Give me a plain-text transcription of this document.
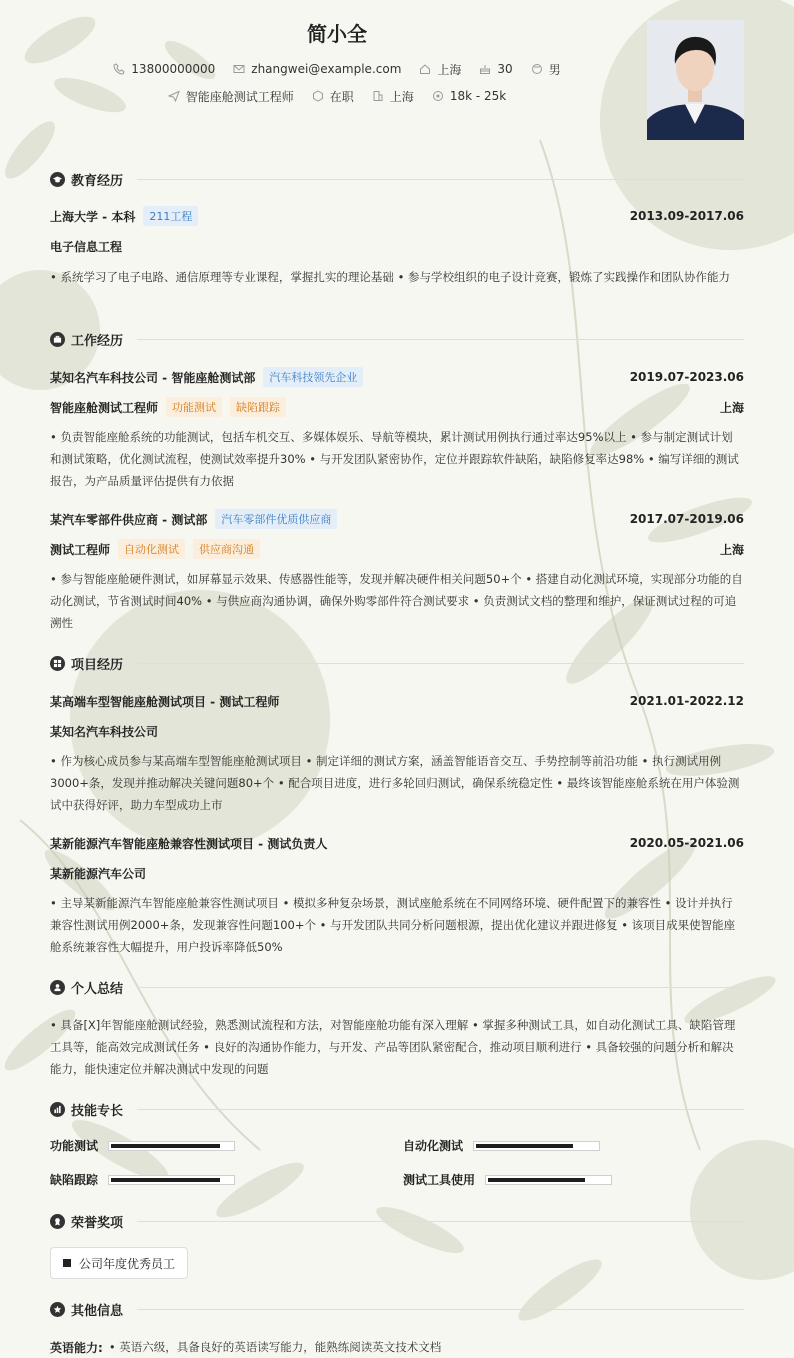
简小全
13800000000	zhangwei@example.com	上海	30	男
智能座舱测试工程师	在职	上海	18k - 25k
教育经历
上海大学 - 本科	211工程	2013.09-2017.06
电子信息工程
• 系统学习了电子电路、通信原理等专业课程，掌握扎实的理论基础 • 参与学校组织的电子设计竞赛，锻炼了实践操作和团队协作能力
工作经历
某知名汽车科技公司 - 智能座舱测试部	汽车科技领先企业	2019.07-2023.06
智能座舱测试工程师	功能测试	缺陷跟踪	上海
• 负责智能座舱系统的功能测试，包括车机交互、多媒体娱乐、导航等模块，累计测试用例执行通过率达95%以上 • 参与制定测试计划和测试策略，优化测试流程，使测试效率提升30% • 与开发团队紧密协作，定位并跟踪软件缺陷，缺陷修复率达98% • 编写详细的测试报告，为产品质量评估提供有力依据
某汽车零部件供应商 - 测试部	汽车零部件优质供应商	2017.07-2019.06
测试工程师	自动化测试	供应商沟通	上海
• 参与智能座舱硬件测试，如屏幕显示效果、传感器性能等，发现并解决硬件相关问题50+个 • 搭建自动化测试环境，实现部分功能的自动化测试，节省测试时间40% • 与供应商沟通协调，确保外购零部件符合测试要求 • 负责测试文档的整理和维护，保证测试过程的可追溯性
项目经历
某高端车型智能座舱测试项目 - 测试工程师	2021.01-2022.12
某知名汽车科技公司
• 作为核心成员参与某高端车型智能座舱测试项目 • 制定详细的测试方案，涵盖智能语音交互、手势控制等前沿功能 • 执行测试用例3000+条，发现并推动解决关键问题80+个 • 配合项目进度，进行多轮回归测试，确保系统稳定性 • 最终该智能座舱系统在用户体验测试中获得好评，助力车型成功上市
某新能源汽车智能座舱兼容性测试项目 - 测试负责人	2020.05-2021.06
某新能源汽车公司
• 主导某新能源汽车智能座舱兼容性测试项目 • 模拟多种复杂场景，测试座舱系统在不同网络环境、硬件配置下的兼容性 • 设计并执行兼容性测试用例2000+条，发现兼容性问题100+个 • 与开发团队共同分析问题根源，提出优化建议并跟进修复 • 该项目成果使智能座舱系统兼容性大幅提升，用户投诉率降低50%
个人总结
• 具备[X]年智能座舱测试经验，熟悉测试流程和方法，对智能座舱功能有深入理解 • 掌握多种测试工具，如自动化测试工具、缺陷管理工具等，能高效完成测试任务 • 良好的沟通协作能力，与开发、产品等团队紧密配合，推动项目顺利进行 • 具备较强的问题分析和解决能力，能快速定位并解决测试中发现的问题
技能专长
功能测试	自动化测试
缺陷跟踪	测试工具使用
荣誉奖项
公司年度优秀员工
其他信息
英语能力: • 英语六级，具备良好的英语读写能力，能熟练阅读英文技术文档
